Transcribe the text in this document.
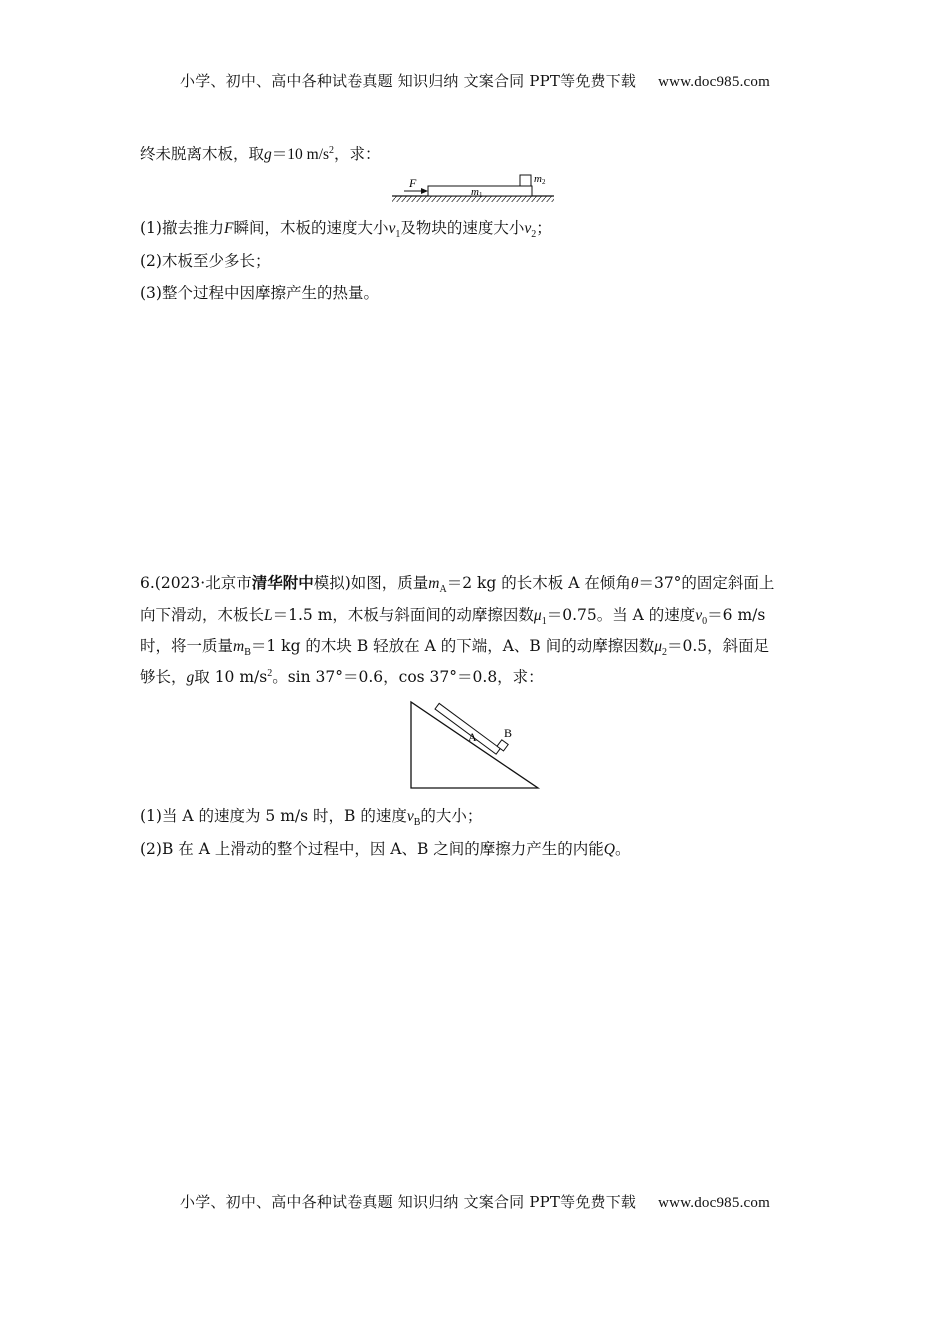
小学、初中、高中各种试卷真题 知识归纳 文案合同 PPT等免费下载 www.doc985.com
终未脱离木板，取g＝10 $m/s^2$，求：
F
m1
m2
(1)撤去推力F瞬间，木板的速度大小$v_1$及物块的速度大小$v_2$；
(2)木板至少多长；
(3)整个过程中因摩擦产生的热量。
6.(2023·北京市清华附中模拟)如图，质量$m_A=2$ kg 的长木板 A 在倾角θ＝37°的固定斜面上
向下滑动，木板长L＝1.5 m，木板与斜面间的动摩擦因数$\mu_1=0.75$。当 A 的速度$v_0=6$ m/s
时，将一质量$m_B=1$ kg 的木块 B 轻放在 A 的下端，A、B 间的动摩擦因数$\mu_2=0.5$，斜面足
够长，g取 10 $m/s^2$。sin 37°＝0.6，cos 37°＝0.8，求：
A B
(1)当 A 的速度为 5 m/s 时，B 的速度$v_B$的大小；
(2)B 在 A 上滑动的整个过程中，因 A、B 之间的摩擦力产生的内能Q。
小学、初中、高中各种试卷真题 知识归纳 文案合同 PPT等免费下载 www.doc985.com
